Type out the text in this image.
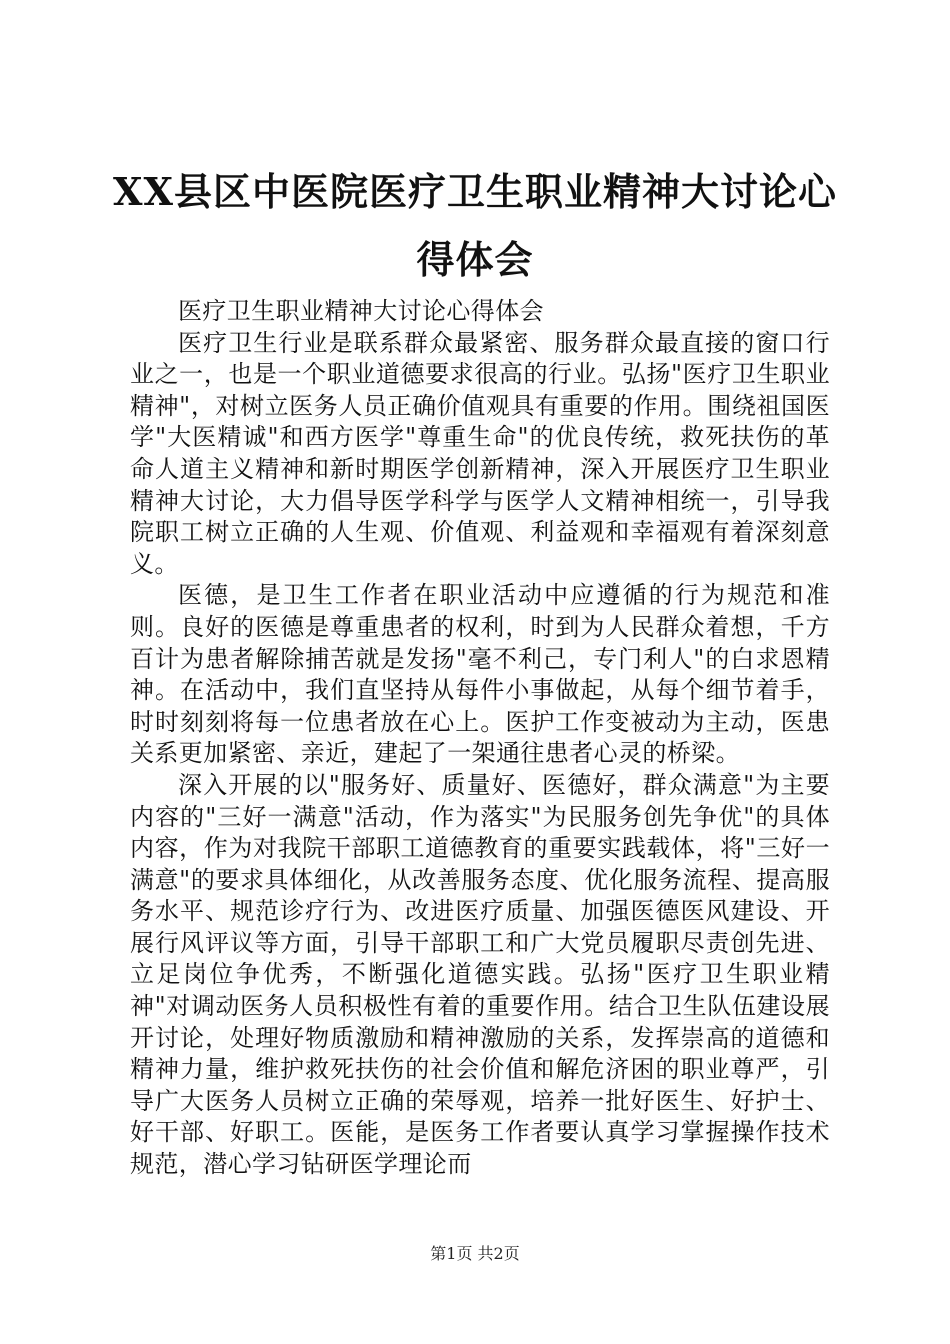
XX县区中医院医疗卫生职业精神大讨论心得体会

医疗卫生职业精神大讨论心得体会

医疗卫生行业是联系群众最紧密、服务群众最直接的窗口行业之一，也是一个职业道德要求很高的行业。弘扬"医疗卫生职业精神"，对树立医务人员正确价值观具有重要的作用。围绕祖国医学"大医精诚"和西方医学"尊重生命"的优良传统，救死扶伤的革命人道主义精神和新时期医学创新精神，深入开展医疗卫生职业精神大讨论，大力倡导医学科学与医学人文精神相统一，引导我院职工树立正确的人生观、价值观、利益观和幸福观有着深刻意义。

医德，是卫生工作者在职业活动中应遵循的行为规范和准则。良好的医德是尊重患者的权利，时到为人民群众着想，千方百计为患者解除捕苦就是发扬"毫不利己，专门利人"的白求恩精神。在活动中，我们直坚持从每件小事做起，从每个细节着手，时时刻刻将每一位患者放在心上。医护工作变被动为主动，医患关系更加紧密、亲近，建起了一架通往患者心灵的桥梁。

深入开展的以"服务好、质量好、医德好，群众满意"为主要内容的"三好一满意"活动，作为落实"为民服务创先争优"的具体内容，作为对我院干部职工道德教育的重要实践载体，将"三好一满意"的要求具体细化，从改善服务态度、优化服务流程、提高服务水平、规范诊疗行为、改进医疗质量、加强医德医风建设、开展行风评议等方面，引导干部职工和广大党员履职尽责创先进、立足岗位争优秀，不断强化道德实践。弘扬"医疗卫生职业精神"对调动医务人员积极性有着的重要作用。结合卫生队伍建设展开讨论，处理好物质激励和精神激励的关系，发挥崇高的道德和精神力量，维护救死扶伤的社会价值和解危济困的职业尊严，引导广大医务人员树立正确的荣辱观，培养一批好医生、好护士、好干部、好职工。医能，是医务工作者要认真学习掌握操作技术规范，潜心学习钻研医学理论而

第1页 共2页
